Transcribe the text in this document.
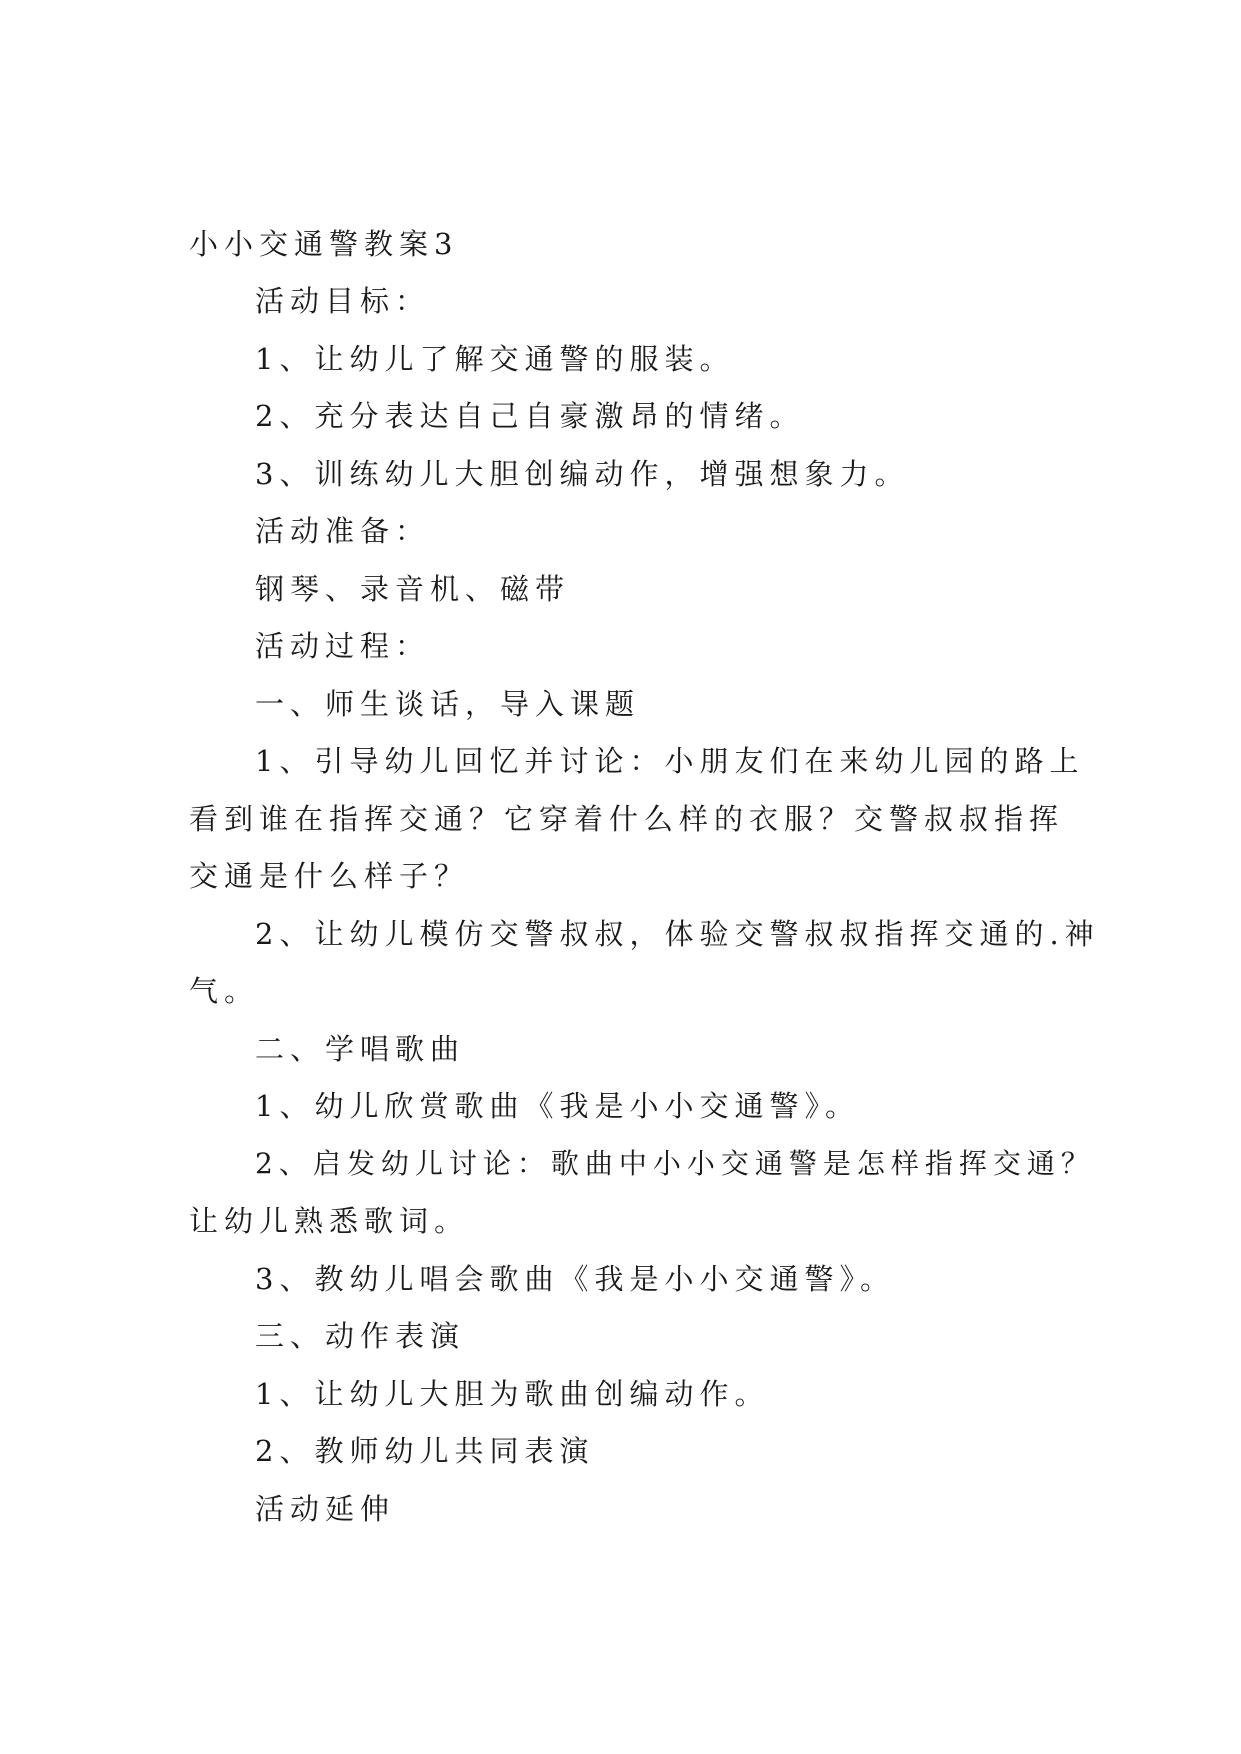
小小交通警教案3
活动目标：
1、让幼儿了解交通警的服装。
2、充分表达自己自豪激昂的情绪。
3、训练幼儿大胆创编动作，增强想象力。
活动准备：
钢琴、录音机、磁带
活动过程：
一、师生谈话，导入课题
1、引导幼儿回忆并讨论：小朋友们在来幼儿园的路上
看到谁在指挥交通？它穿着什么样的衣服？交警叔叔指挥
交通是什么样子？
2、让幼儿模仿交警叔叔，体验交警叔叔指挥交通的.神
气。
二、学唱歌曲
1、幼儿欣赏歌曲《我是小小交通警》。
2、启发幼儿讨论：歌曲中小小交通警是怎样指挥交通？
让幼儿熟悉歌词。
3、教幼儿唱会歌曲《我是小小交通警》。
三、动作表演
1、让幼儿大胆为歌曲创编动作。
2、教师幼儿共同表演
活动延伸
